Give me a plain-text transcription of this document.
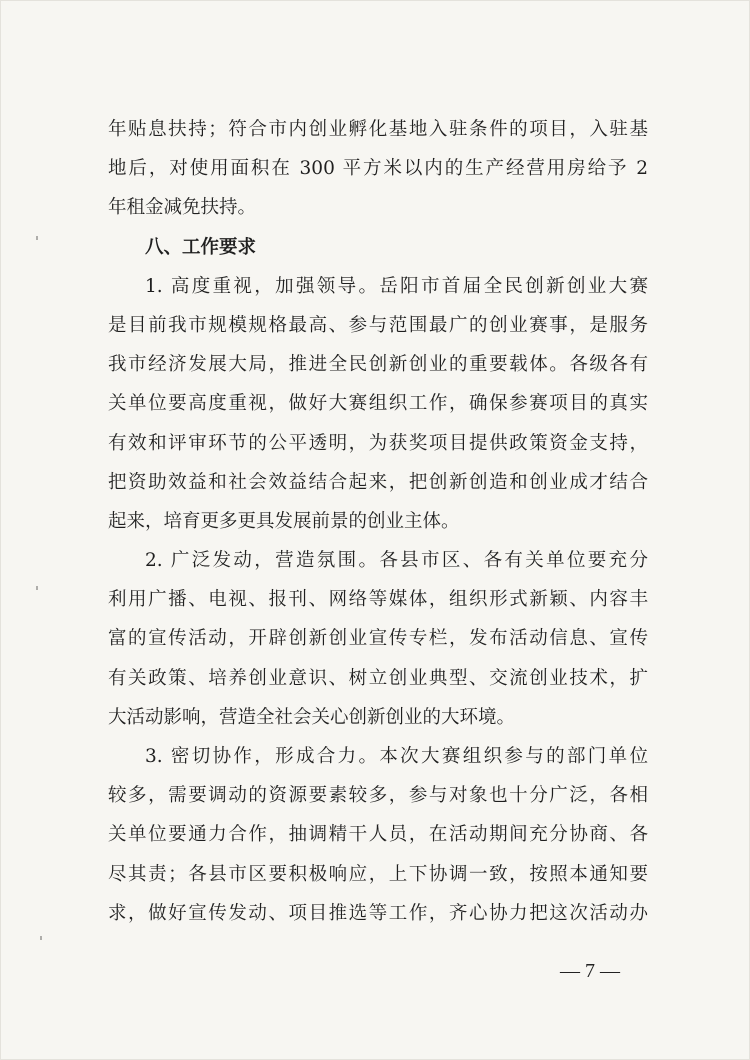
年贴息扶持；符合市内创业孵化基地入驻条件的项目，入驻基
地后，对使用面积在 300 平方米以内的生产经营用房给予 2
年租金减免扶持。
八、工作要求
1. 高度重视，加强领导。岳阳市首届全民创新创业大赛
是目前我市规模规格最高、参与范围最广的创业赛事，是服务
我市经济发展大局，推进全民创新创业的重要载体。各级各有
关单位要高度重视，做好大赛组织工作，确保参赛项目的真实
有效和评审环节的公平透明，为获奖项目提供政策资金支持，
把资助效益和社会效益结合起来，把创新创造和创业成才结合
起来，培育更多更具发展前景的创业主体。
2. 广泛发动，营造氛围。各县市区、各有关单位要充分
利用广播、电视、报刊、网络等媒体，组织形式新颖、内容丰
富的宣传活动，开辟创新创业宣传专栏，发布活动信息、宣传
有关政策、培养创业意识、树立创业典型、交流创业技术，扩
大活动影响，营造全社会关心创新创业的大环境。
3. 密切协作，形成合力。本次大赛组织参与的部门单位
较多，需要调动的资源要素较多，参与对象也十分广泛，各相
关单位要通力合作，抽调精干人员，在活动期间充分协商、各
尽其责；各县市区要积极响应，上下协调一致，按照本通知要
求，做好宣传发动、项目推选等工作，齐心协力把这次活动办
— 7 —
